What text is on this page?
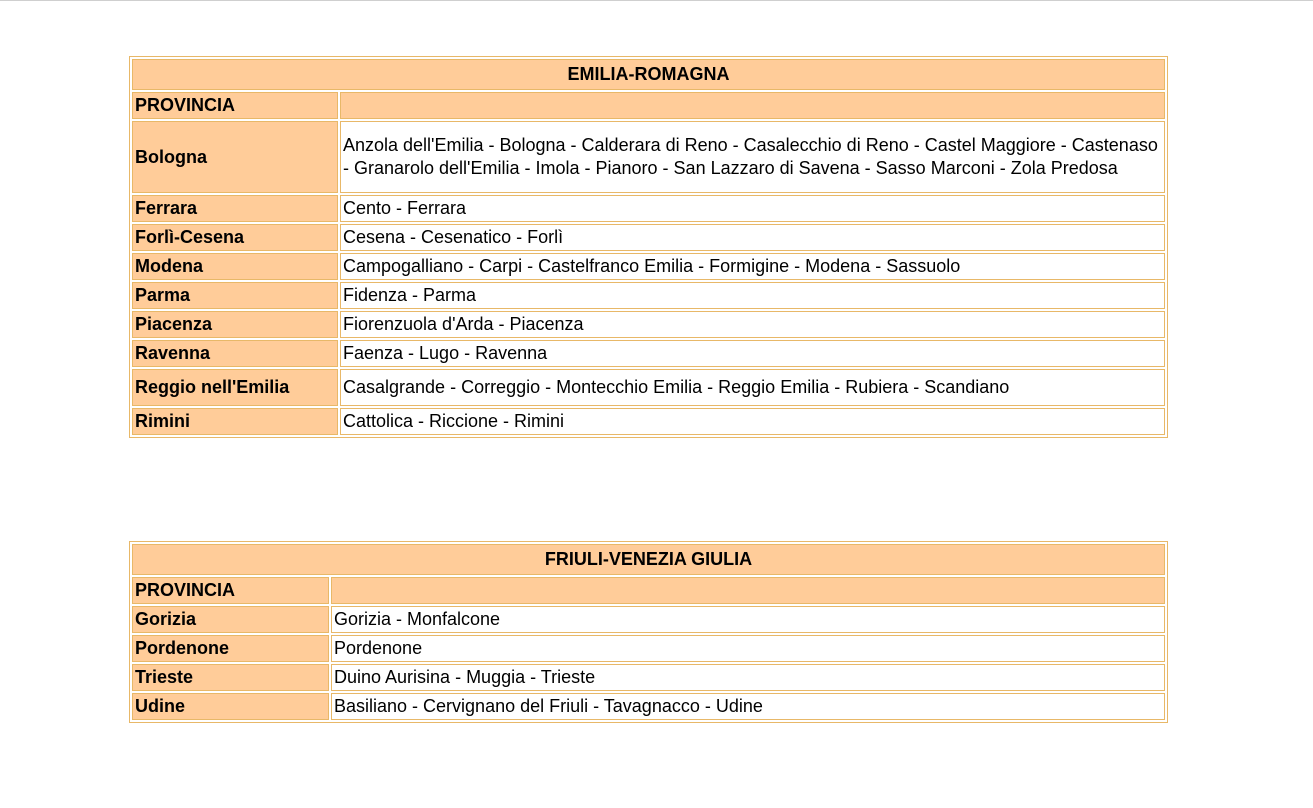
EMILIA-ROMAGNA	
PROVINCIA	
Bologna	Anzola dell'Emilia - Bologna - Calderara di Reno - Casalecchio di Reno - Castel Maggiore - Castenaso - Granarolo dell'Emilia - Imola - Pianoro - San Lazzaro di Savena - Sasso Marconi - Zola Predosa
Ferrara	Cento - Ferrara
Forlì-Cesena	Cesena - Cesenatico - Forlì
Modena	Campogalliano - Carpi - Castelfranco Emilia - Formigine - Modena - Sassuolo
Parma	Fidenza - Parma
Piacenza	Fiorenzuola d'Arda - Piacenza
Ravenna	Faenza - Lugo - Ravenna
Reggio nell'Emilia	Casalgrande - Correggio - Montecchio Emilia - Reggio Emilia - Rubiera - Scandiano
Rimini	Cattolica - Riccione - Rimini
FRIULI-VENEZIA GIULIA	
PROVINCIA	
Gorizia	Gorizia - Monfalcone
Pordenone	Pordenone
Trieste	Duino Aurisina - Muggia - Trieste
Udine	Basiliano - Cervignano del Friuli - Tavagnacco - Udine
